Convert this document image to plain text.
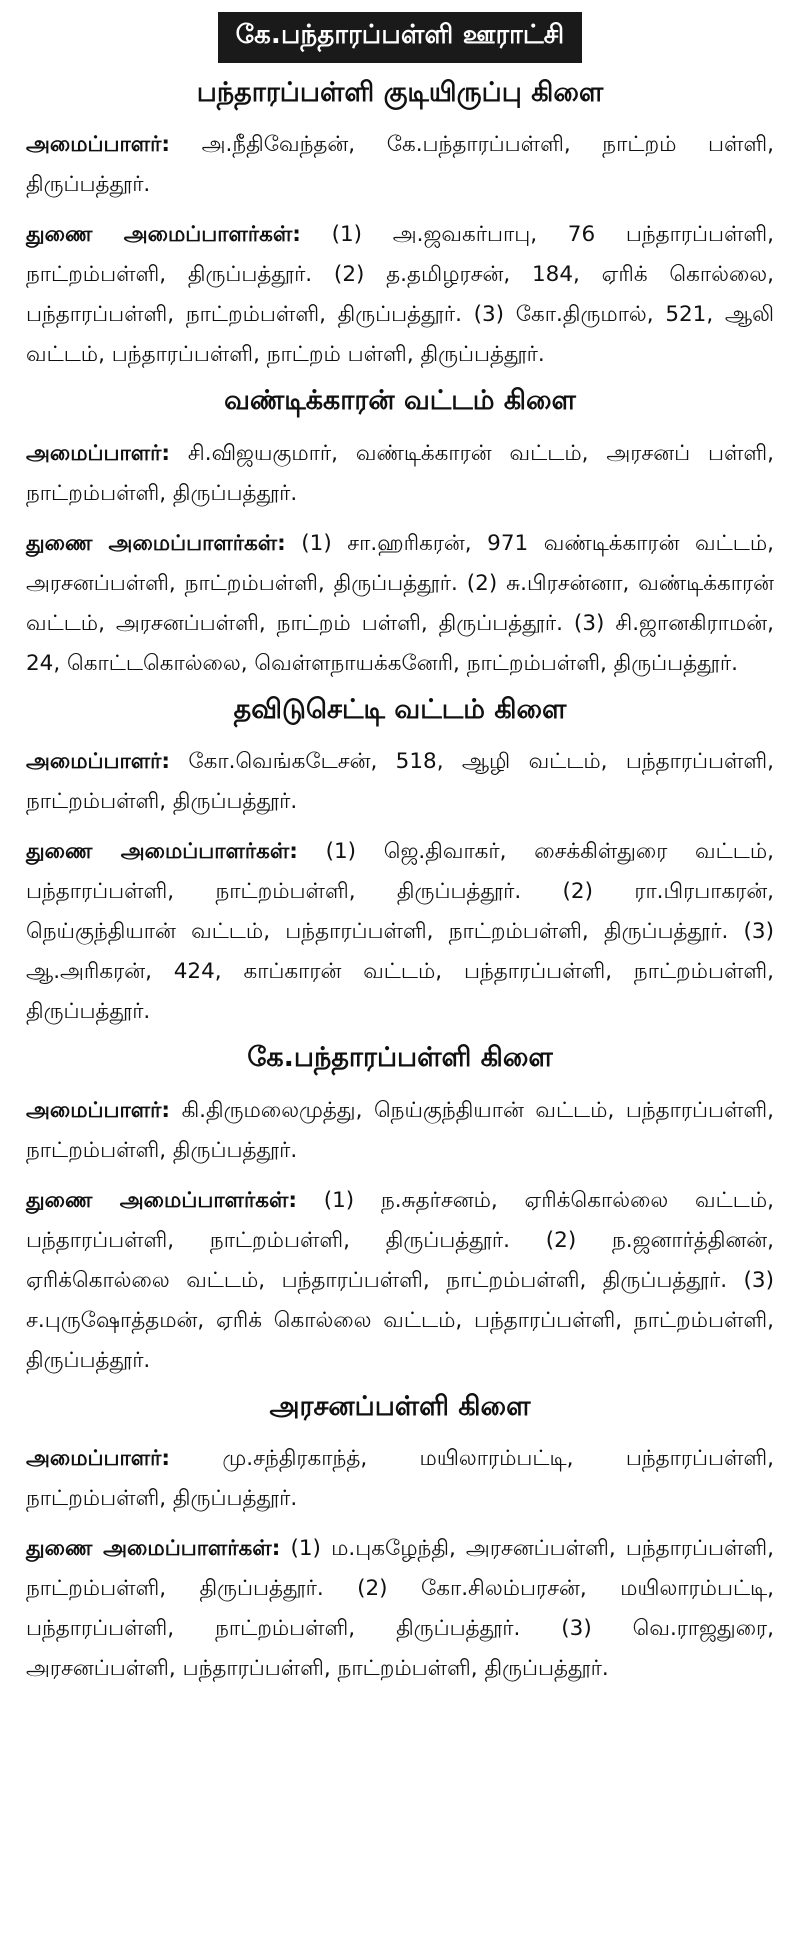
கே.பந்தாரப்பள்ளி ஊராட்சி
பந்தாரப்பள்ளி குடியிருப்பு கிளை

அமைப்பாளர்: அ.நீதிவேந்தன், கே.பந்தாரப்பள்ளி, நாட்றம் பள்ளி, திருப்பத்தூர்.

துணை அமைப்பாளர்கள்: (1) அ.ஜவகர்பாபு, 76 பந்தாரப்பள்ளி, நாட்றம்பள்ளி, திருப்பத்தூர். (2) த.தமிழரசன், 184, ஏரிக் கொல்லை, பந்தாரப்பள்ளி, நாட்றம்பள்ளி, திருப்பத்தூர். (3) கோ.திருமால், 521, ஆலி வட்டம், பந்தாரப்பள்ளி, நாட்றம் பள்ளி, திருப்பத்தூர்.

வண்டிக்காரன் வட்டம் கிளை

அமைப்பாளர்: சி.விஜயகுமார், வண்டிக்காரன் வட்டம், அரசனப் பள்ளி, நாட்றம்பள்ளி, திருப்பத்தூர்.

துணை அமைப்பாளர்கள்: (1) சா.ஹரிகரன், 971 வண்டிக்காரன் வட்டம், அரசனப்பள்ளி, நாட்றம்பள்ளி, திருப்பத்தூர். (2) சு.பிரசன்னா, வண்டிக்காரன் வட்டம், அரசனப்பள்ளி, நாட்றம் பள்ளி, திருப்பத்தூர். (3) சி.ஜானகிராமன், 24, கொட்டகொல்லை, வெள்ளநாயக்கனேரி, நாட்றம்பள்ளி, திருப்பத்தூர்.

தவிடுசெட்டி வட்டம் கிளை

அமைப்பாளர்: கோ.வெங்கடேசன், 518, ஆழி வட்டம், பந்தாரப்பள்ளி, நாட்றம்பள்ளி, திருப்பத்தூர்.

துணை அமைப்பாளர்கள்: (1) ஜெ.திவாகர், சைக்கிள்துரை வட்டம், பந்தாரப்பள்ளி, நாட்றம்பள்ளி, திருப்பத்தூர். (2) ரா.பிரபாகரன், நெய்குந்தியான் வட்டம், பந்தாரப்பள்ளி, நாட்றம்பள்ளி, திருப்பத்தூர். (3) ஆ.அரிகரன், 424, காப்காரன் வட்டம், பந்தாரப்பள்ளி, நாட்றம்பள்ளி, திருப்பத்தூர்.

கே.பந்தாரப்பள்ளி கிளை

அமைப்பாளர்: கி.திருமலைமுத்து, நெய்குந்தியான் வட்டம், பந்தாரப்பள்ளி, நாட்றம்பள்ளி, திருப்பத்தூர்.

துணை அமைப்பாளர்கள்: (1) ந.சுதர்சனம், ஏரிக்கொல்லை வட்டம், பந்தாரப்பள்ளி, நாட்றம்பள்ளி, திருப்பத்தூர். (2) ந.ஜனார்த்தினன், ஏரிக்கொல்லை வட்டம், பந்தாரப்பள்ளி, நாட்றம்பள்ளி, திருப்பத்தூர். (3) ச.புருஷோத்தமன், ஏரிக் கொல்லை வட்டம், பந்தாரப்பள்ளி, நாட்றம்பள்ளி, திருப்பத்தூர்.

அரசனப்பள்ளி கிளை

அமைப்பாளர்: மு.சந்திரகாந்த், மயிலாரம்பட்டி, பந்தாரப்பள்ளி, நாட்றம்பள்ளி, திருப்பத்தூர்.

துணை அமைப்பாளர்கள்: (1) ம.புகழேந்தி, அரசனப்பள்ளி, பந்தாரப்பள்ளி, நாட்றம்பள்ளி, திருப்பத்தூர். (2) கோ.சிலம்பரசன், மயிலாரம்பட்டி, பந்தாரப்பள்ளி, நாட்றம்பள்ளி, திருப்பத்தூர். (3) வெ.ராஜதுரை, அரசனப்பள்ளி, பந்தாரப்பள்ளி, நாட்றம்பள்ளி, திருப்பத்தூர்.
